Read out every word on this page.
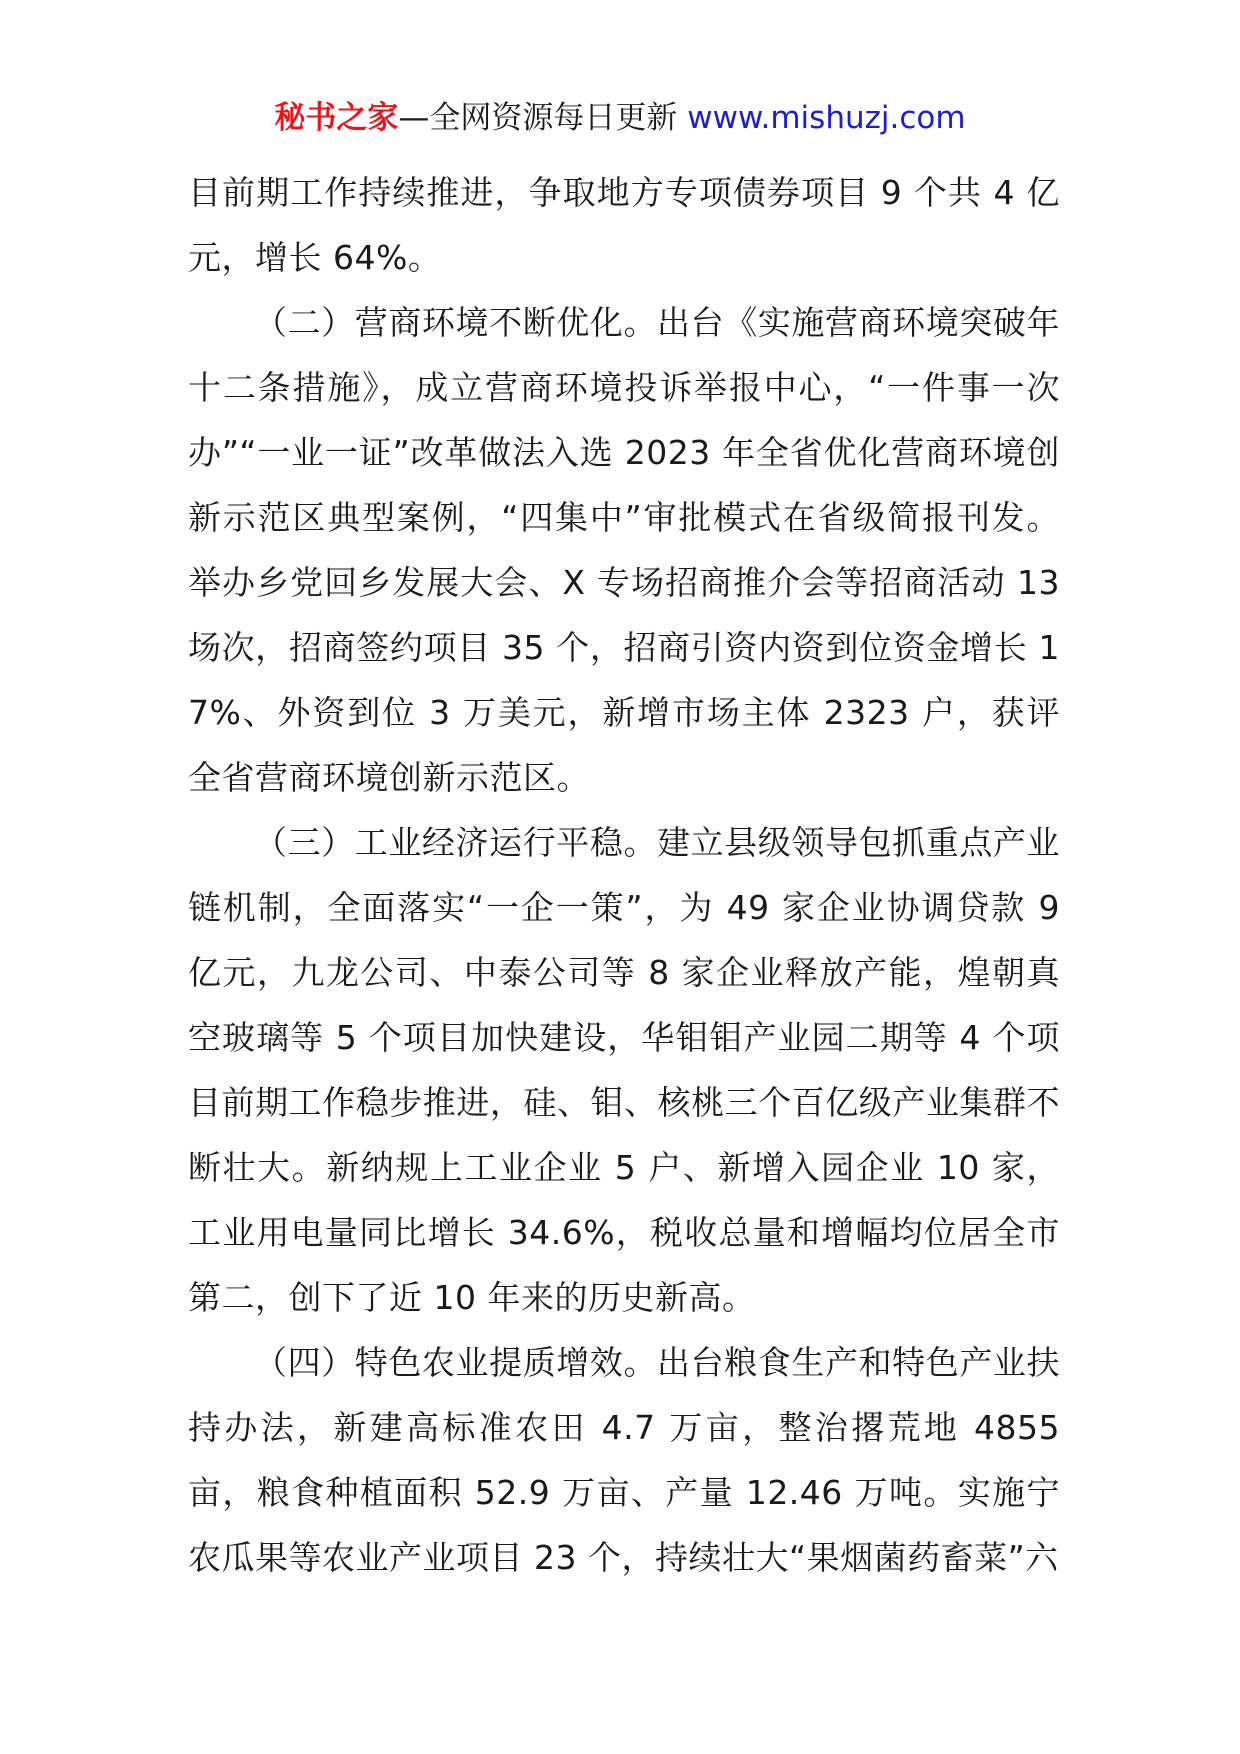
秘书之家—全网资源每日更新 www.mishuzj.com

目前期工作持续推进，争取地方专项债券项目 9 个共 4 亿元，增长 64%。

（二）营商环境不断优化。出台《实施营商环境突破年十二条措施》，成立营商环境投诉举报中心，“一件事一次办”“一业一证”改革做法入选 2023 年全省优化营商环境创新示范区典型案例，“四集中”审批模式在省级简报刊发。举办乡党回乡发展大会、X 专场招商推介会等招商活动 13 场次，招商签约项目 35 个，招商引资内资到位资金增长 17%、外资到位 3 万美元，新增市场主体 2323 户，获评全省营商环境创新示范区。

（三）工业经济运行平稳。建立县级领导包抓重点产业链机制，全面落实“一企一策”，为 49 家企业协调贷款 9 亿元，九龙公司、中泰公司等 8 家企业释放产能，煌朝真空玻璃等 5 个项目加快建设，华钼钼产业园二期等 4 个项目前期工作稳步推进，硅、钼、核桃三个百亿级产业集群不断壮大。新纳规上工业企业 5 户、新增入园企业 10 家，工业用电量同比增长 34.6%，税收总量和增幅均位居全市第二，创下了近 10 年来的历史新高。

（四）特色农业提质增效。出台粮食生产和特色产业扶持办法，新建高标准农田 4.7 万亩，整治撂荒地 4855 亩，粮食种植面积 52.9 万亩、产量 12.46 万吨。实施宁农瓜果等农业产业项目 23 个，持续壮大“果烟菌药畜菜”六
